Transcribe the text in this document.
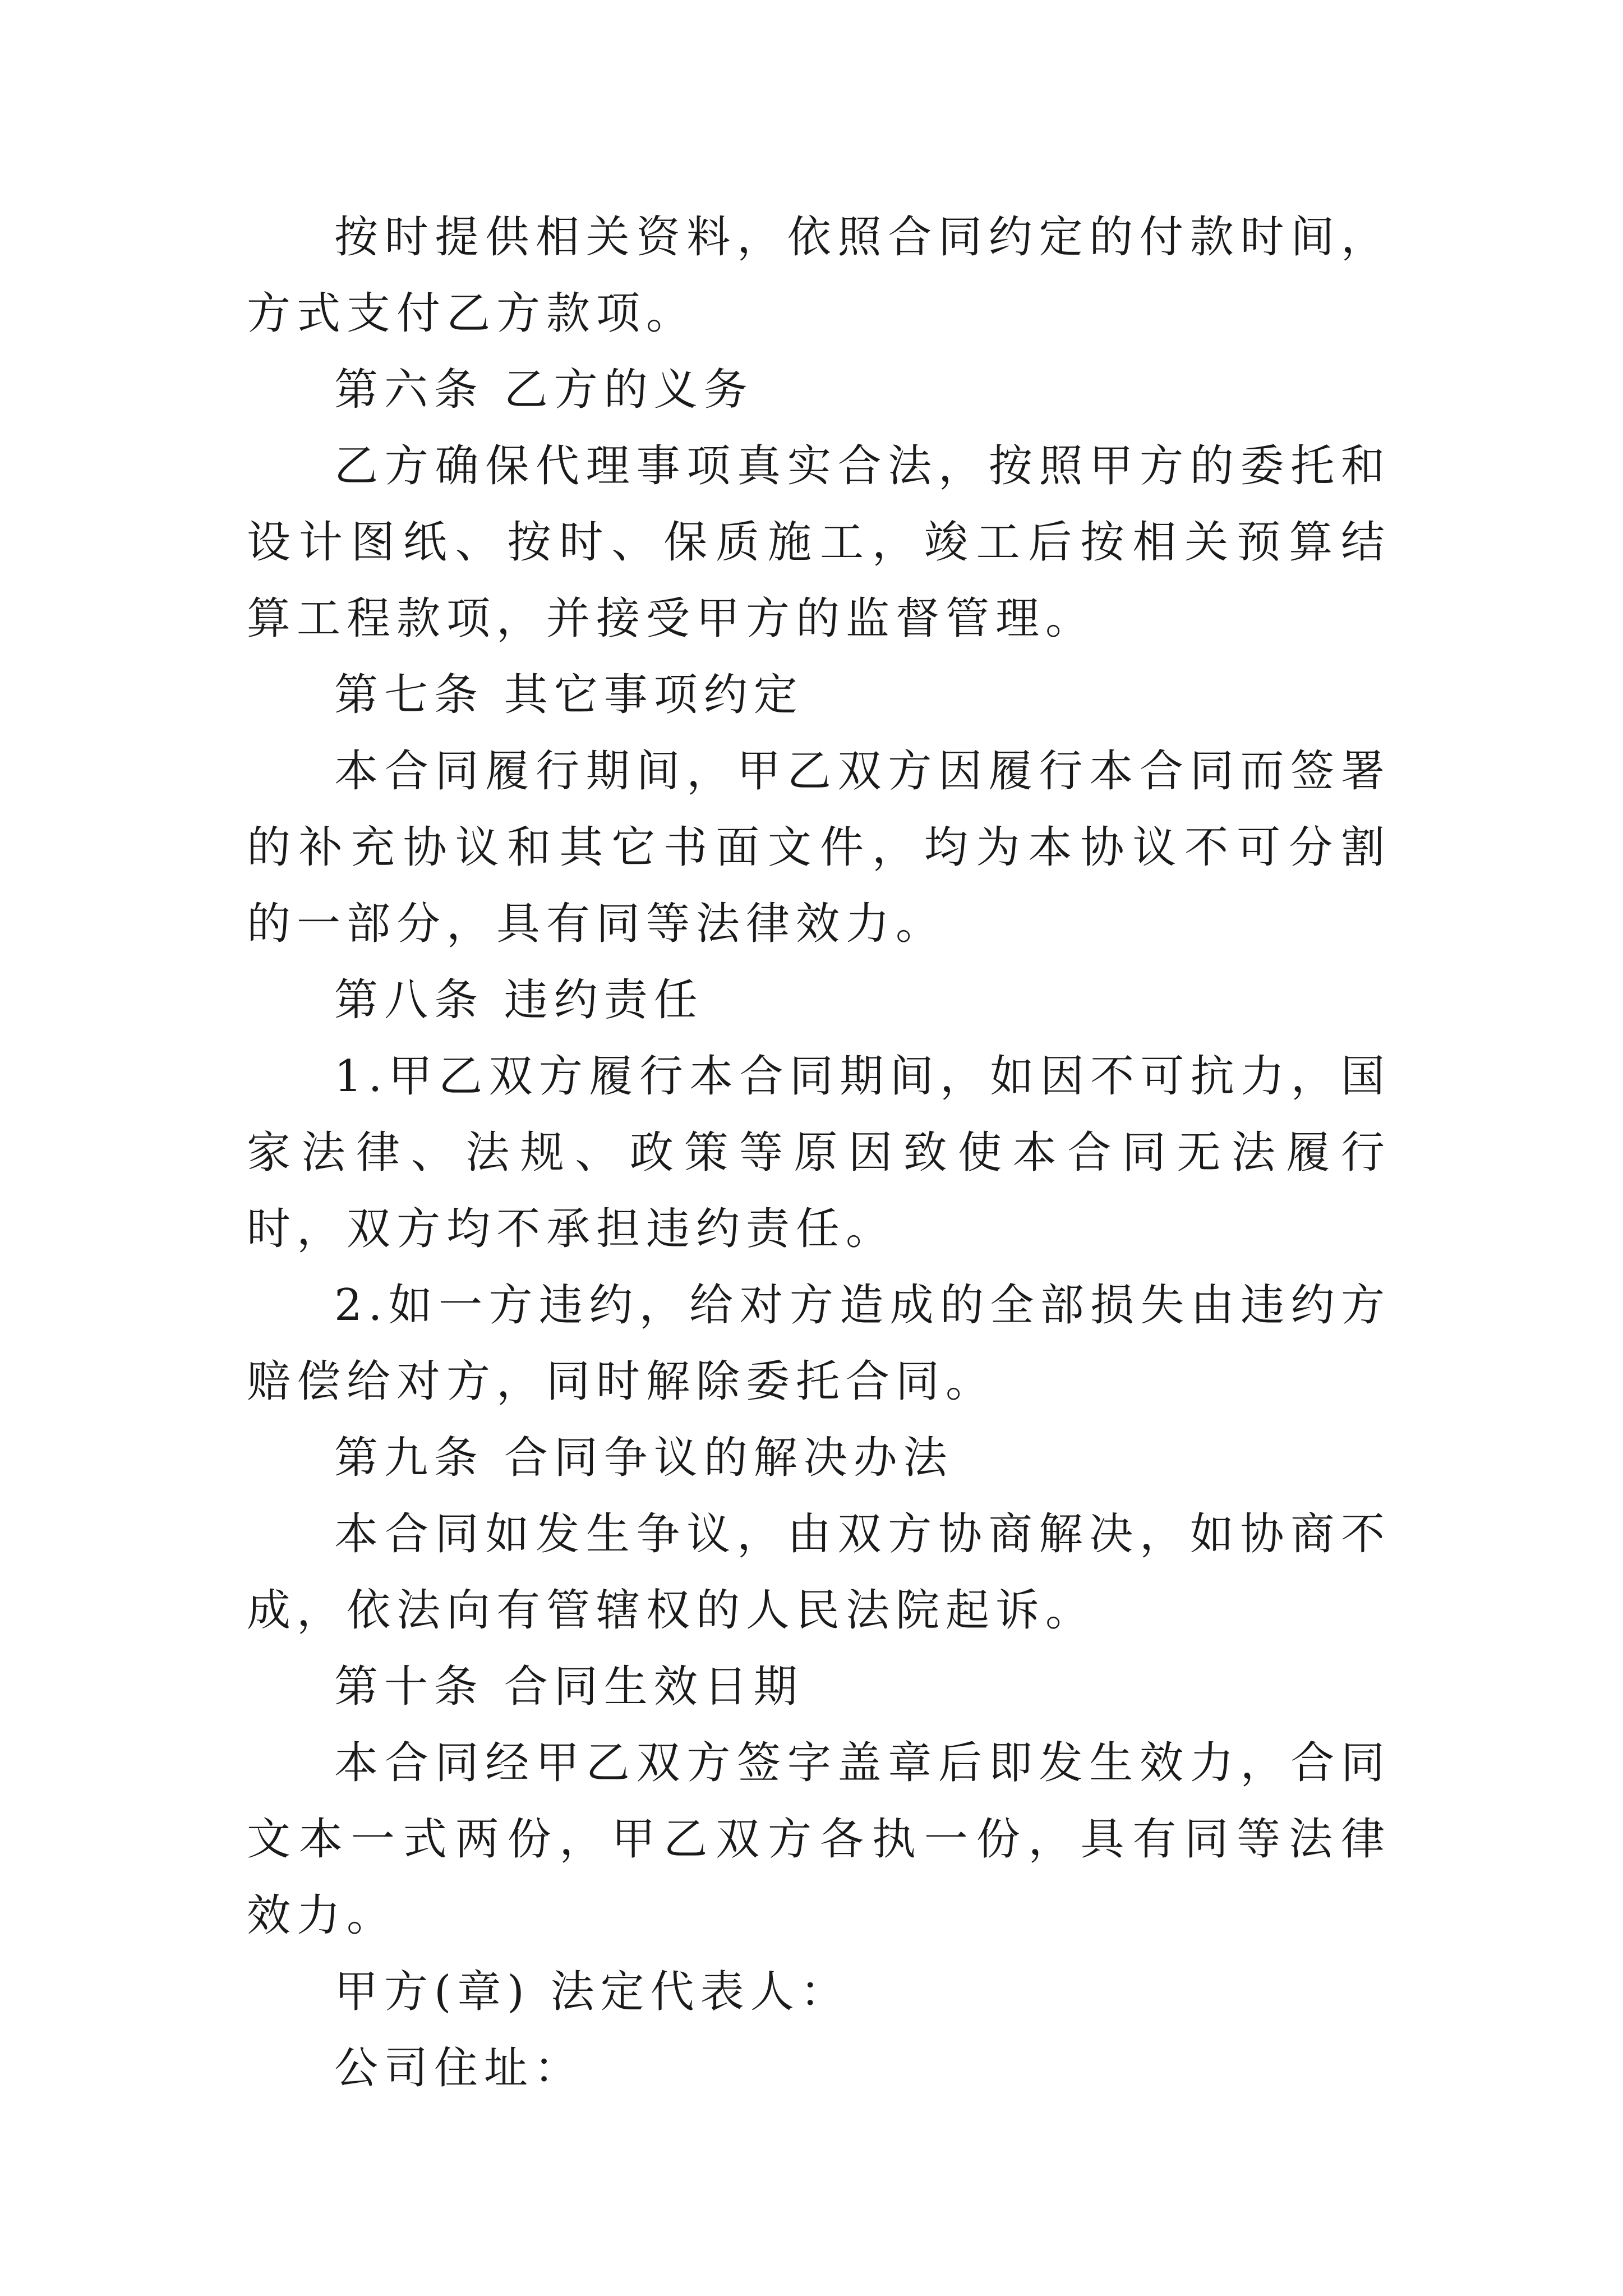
按时提供相关资料，依照合同约定的付款时间，方式支付乙方款项。

第六条 乙方的义务

乙方确保代理事项真实合法，按照甲方的委托和设计图纸、按时、保质施工，竣工后按相关预算结算工程款项，并接受甲方的监督管理。

第七条 其它事项约定

本合同履行期间，甲乙双方因履行本合同而签署的补充协议和其它书面文件，均为本协议不可分割的一部分，具有同等法律效力。

第八条 违约责任

1.甲乙双方履行本合同期间，如因不可抗力，国家法律、法规、政策等原因致使本合同无法履行时，双方均不承担违约责任。

2.如一方违约，给对方造成的全部损失由违约方赔偿给对方，同时解除委托合同。

第九条 合同争议的解决办法

本合同如发生争议，由双方协商解决，如协商不成，依法向有管辖权的人民法院起诉。

第十条 合同生效日期

本合同经甲乙双方签字盖章后即发生效力，合同文本一式两份，甲乙双方各执一份，具有同等法律效力。

甲方(章) 法定代表人：

公司住址：
